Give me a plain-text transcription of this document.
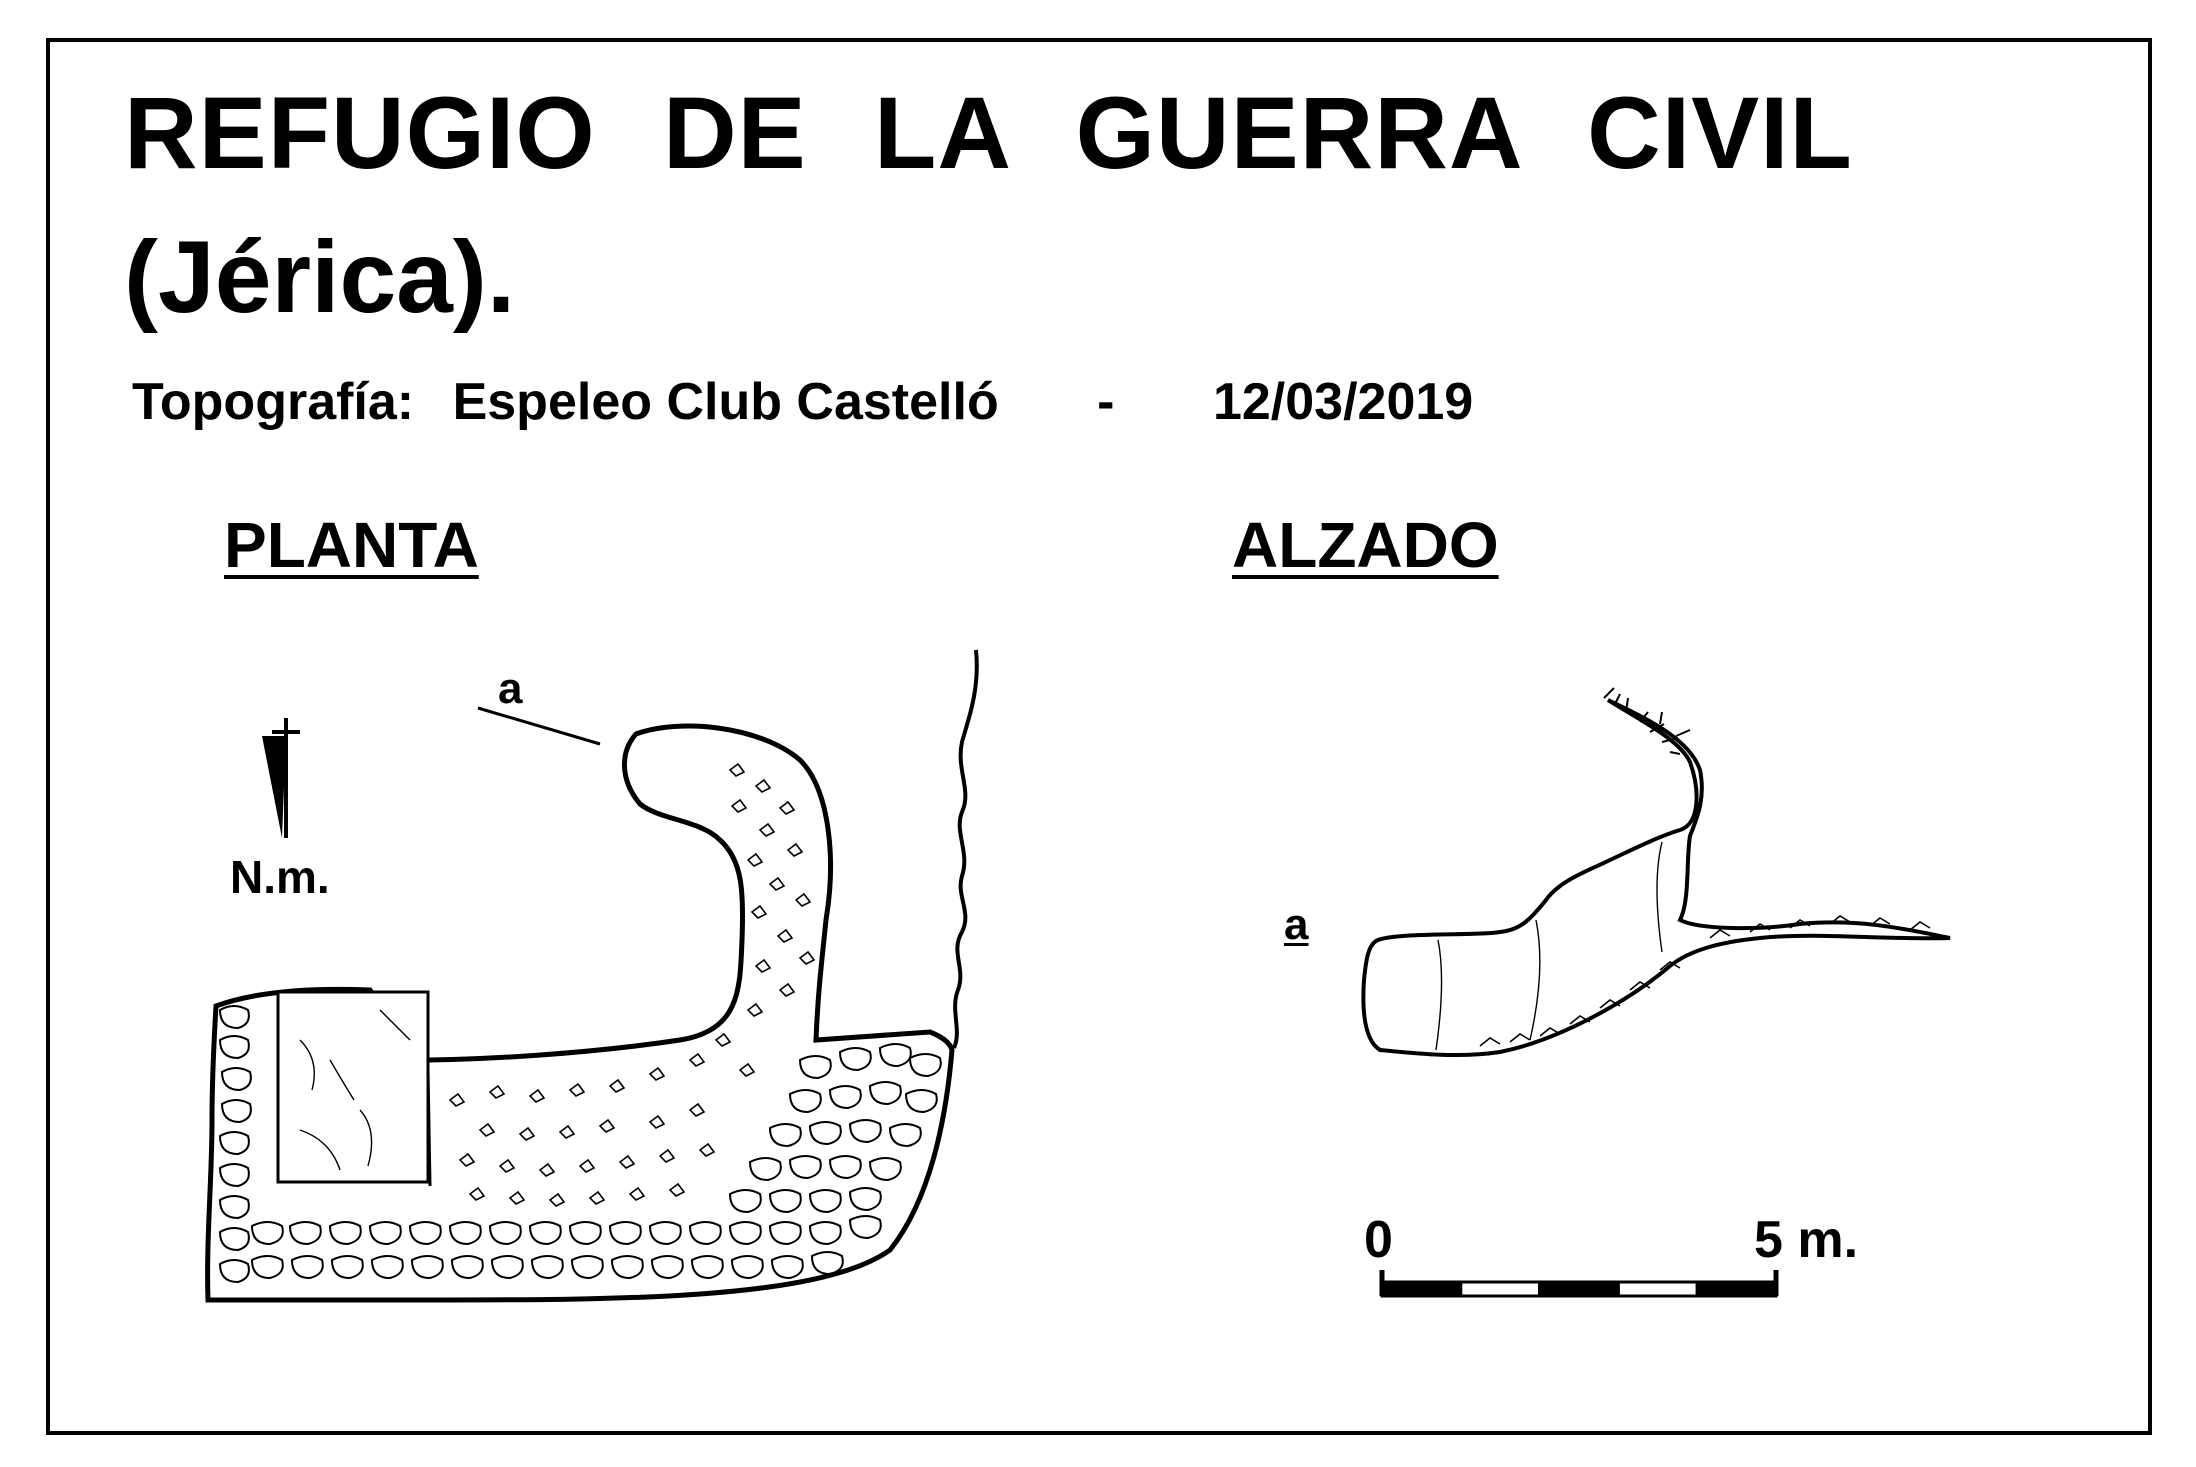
REFUGIO DE LA GUERRA CIVIL
(Jérica).
Topografía: Espeleo Club Castelló - 12/03/2019
PLANTA	ALZADO
N.m.
a
a
0	5 m.
